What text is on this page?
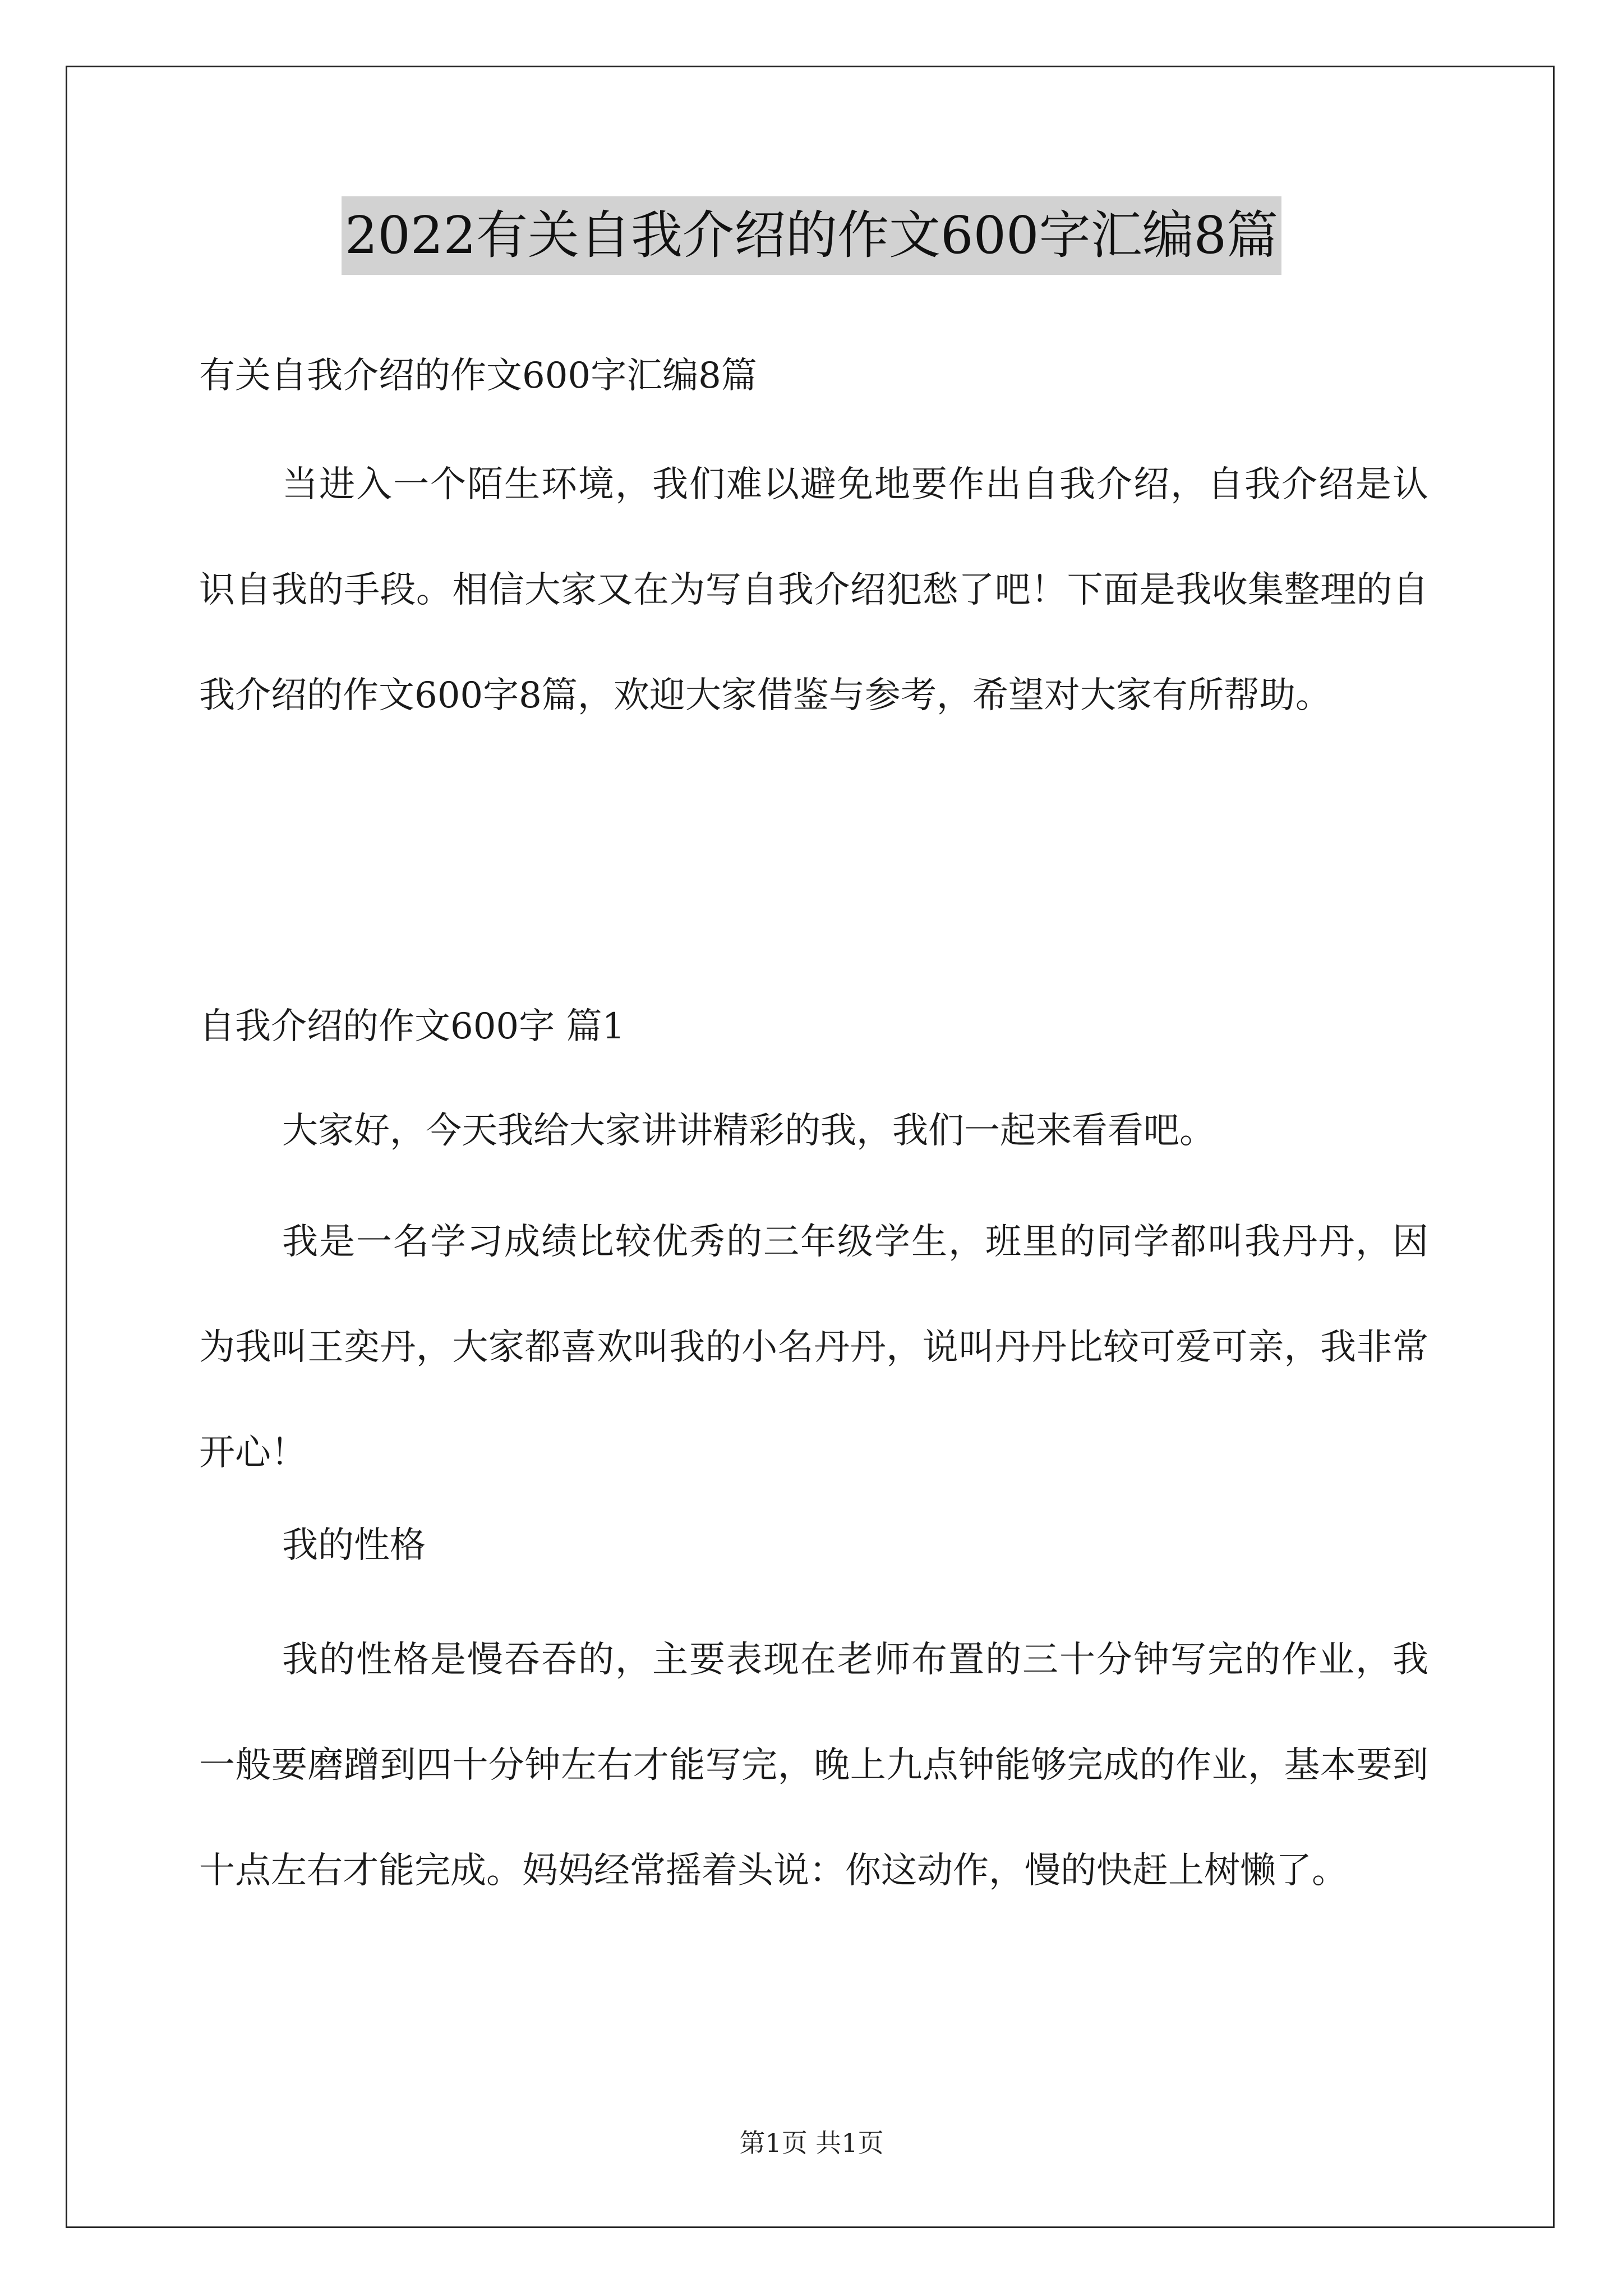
2022有关自我介绍的作文600字汇编8篇
有关自我介绍的作文600字汇编8篇

当进入一个陌生环境，我们难以避免地要作出自我介绍，自我介绍是认识自我的手段。相信大家又在为写自我介绍犯愁了吧！下面是我收集整理的自我介绍的作文600字8篇，欢迎大家借鉴与参考，希望对大家有所帮助。

自我介绍的作文600字 篇1

大家好，今天我给大家讲讲精彩的我，我们一起来看看吧。

我是一名学习成绩比较优秀的三年级学生，班里的同学都叫我丹丹，因为我叫王奕丹，大家都喜欢叫我的小名丹丹，说叫丹丹比较可爱可亲，我非常开心！

我的性格

我的性格是慢吞吞的，主要表现在老师布置的三十分钟写完的作业，我一般要磨蹭到四十分钟左右才能写完，晚上九点钟能够完成的作业，基本要到十点左右才能完成。妈妈经常摇着头说：你这动作，慢的快赶上树懒了。

第1页 共1页
